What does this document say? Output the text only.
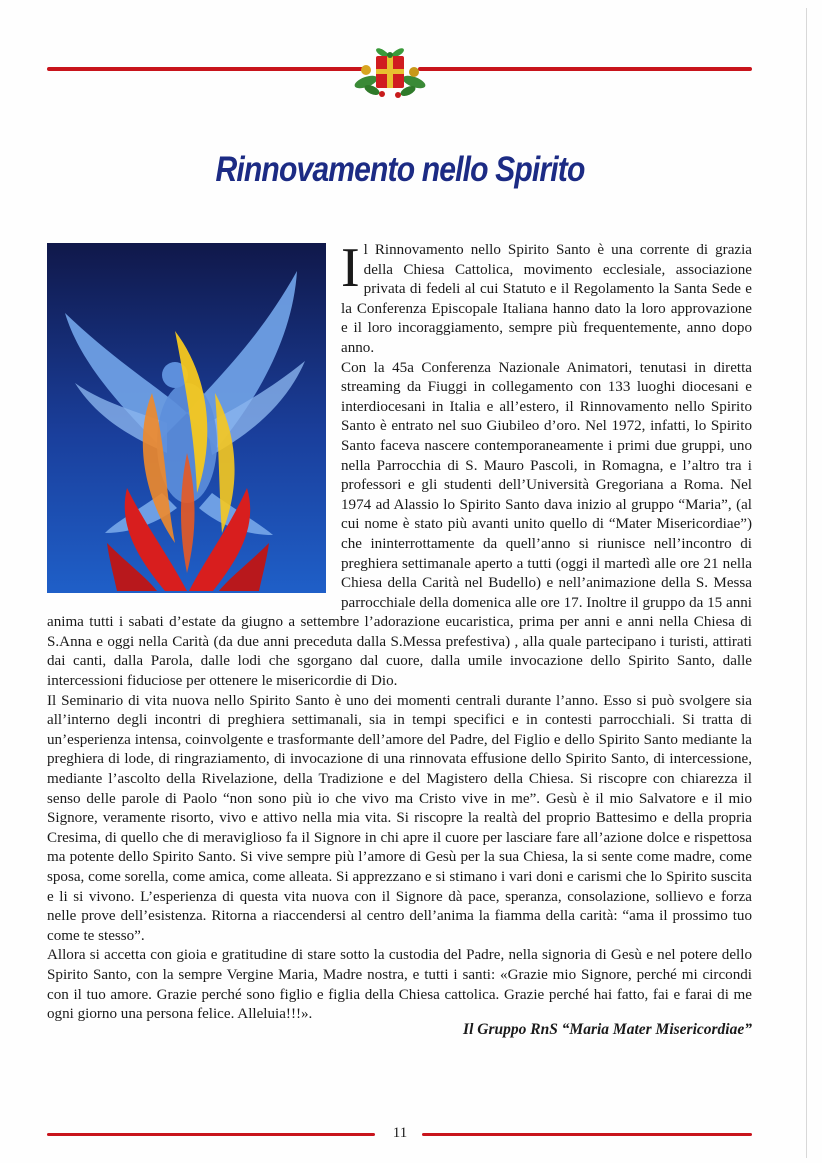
Rinnovamento nello Spirito

Il Rinnovamento nello Spirito Santo è una corrente di grazia della Chiesa Cattolica, movimento ecclesiale, associazione privata di fedeli al cui Statuto e il Regolamento la Santa Sede e la Conferenza Episcopale Italiana hanno dato la loro approvazione e il loro incoraggiamento, sempre più frequentemente, anno dopo anno.

Con la 45a Conferenza Nazionale Animatori, tenutasi in diretta streaming da Fiuggi in collegamento con 133 luoghi diocesani e interdiocesani in Italia e all’estero, il Rinnovamento nello Spirito Santo è entrato nel suo Giubileo d’oro. Nel 1972, infatti, lo Spirito Santo faceva nascere contemporaneamente i primi due gruppi, uno nella Parrocchia di S. Mauro Pascoli, in Romagna, e l’altro tra i professori e gli studenti dell’Università Gregoriana a Roma. Nel 1974 ad Alassio lo Spirito Santo dava inizio al gruppo “Maria”, (al cui nome è stato più avanti unito quello di “Mater Misericordiae”) che ininterrottamente da quell’anno si riunisce nell’incontro di preghiera settimanale aperto a tutti (oggi il martedì alle ore 21 nella Chiesa della Carità nel Budello) e nell’animazione della S. Messa parrocchiale della domenica alle ore 17. Inoltre il gruppo da 15 anni anima tutti i sabati d’estate da giugno a settembre l’adorazione eucaristica, prima per anni e anni nella Chiesa di S.Anna e oggi nella Carità (da due anni preceduta dalla S.Messa prefestiva) , alla quale partecipano i turisti, attirati dai canti, dalla Parola, dalle lodi che sgorgano dal cuore, dalla umile invocazione dello Spirito Santo, dalle intercessioni fiduciose per ottenere le misericordie di Dio.

Il Seminario di vita nuova nello Spirito Santo è uno dei momenti centrali durante l’anno. Esso si può svolgere sia all’interno degli incontri di preghiera settimanali, sia in tempi specifici e in contesti parrocchiali. Si tratta di un’esperienza intensa, coinvolgente e trasformante dell’amore del Padre, del Figlio e dello Spirito Santo mediante la preghiera di lode, di ringraziamento, di invocazione di una rinnovata effusione dello Spirito Santo, di intercessione, mediante l’ascolto della Rivelazione, della Tradizione e del Magistero della Chiesa. Si riscopre con chiarezza il senso delle parole di Paolo “non sono più io che vivo ma Cristo vive in me”. Gesù è il mio Salvatore e il mio Signore, veramente risorto, vivo e attivo nella mia vita. Si riscopre la realtà del proprio Battesimo e della propria Cresima, di quello che di meraviglioso fa il Signore in chi apre il cuore per lasciare fare all’azione dolce e rispettosa ma potente dello Spirito Santo. Si vive sempre più l’amore di Gesù per la sua Chiesa, la si sente come madre, come sposa, come sorella, come amica, come alleata. Si apprezzano e si stimano i vari doni e carismi che lo Spirito suscita e li si vivono. L’esperienza di questa vita nuova con il Signore dà pace, speranza, consolazione, sollievo e forza nelle prove dell’esistenza. Ritorna a riaccendersi al centro dell’anima la fiamma della carità: “ama il prossimo tuo come te stesso”.

Allora si accetta con gioia e gratitudine di stare sotto la custodia del Padre, nella signoria di Gesù e nel potere dello Spirito Santo, con la sempre Vergine Maria, Madre nostra, e tutti i santi: «Grazie mio Signore, perché mi circondi con il tuo amore. Grazie perché sono figlio e figlia della Chiesa cattolica. Grazie perché hai fatto, fai e farai di me ogni giorno una persona felice. Alleluia!!!».

Il Gruppo RnS “Maria Mater Misericordiae”
11
